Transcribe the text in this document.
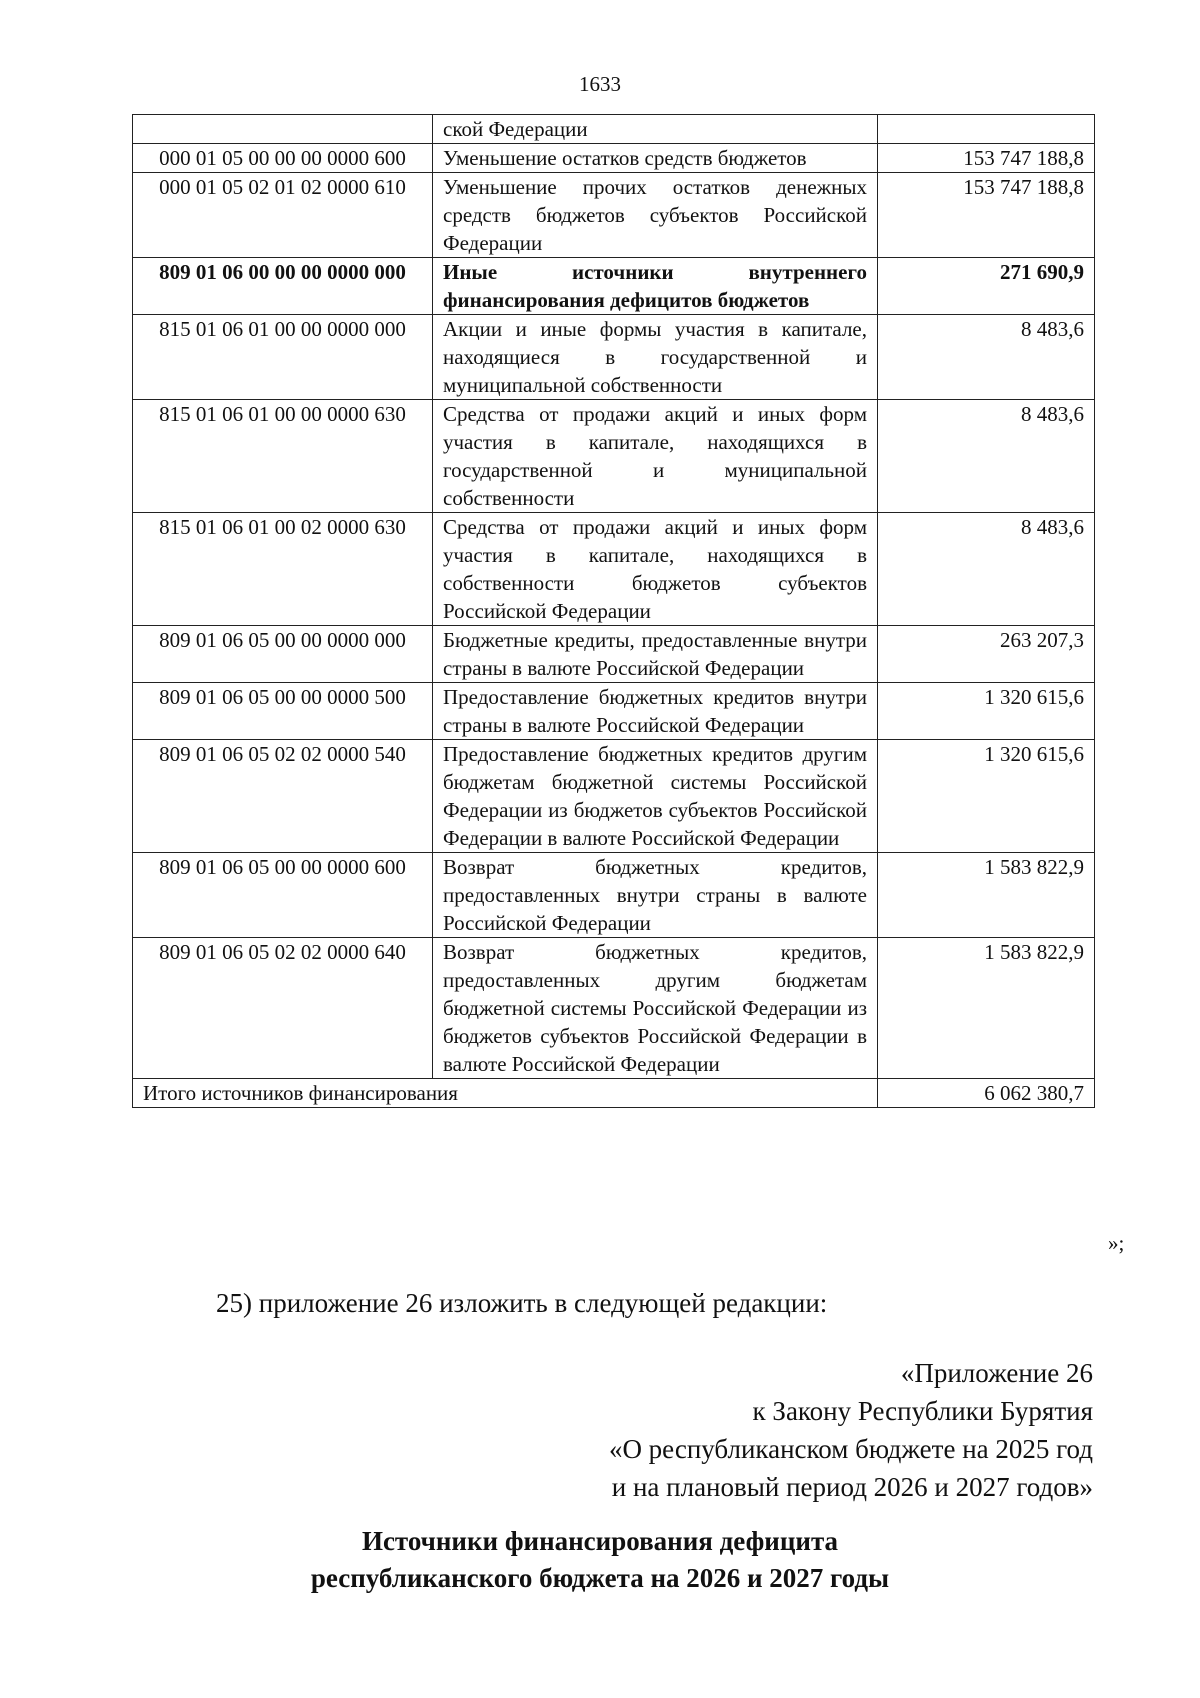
1633
	ской Федерации	
000 01 05 00 00 00 0000 600	Уменьшение остатков средств бюджетов	153 747 188,8
000 01 05 02 01 02 0000 610	Уменьшение прочих остатков денежных средств бюджетов субъектов Российской Федерации	153 747 188,8
809 01 06 00 00 00 0000 000	Иные источники внутреннего финансирования дефицитов бюджетов	271 690,9
815 01 06 01 00 00 0000 000	Акции и иные формы участия в капитале, находящиеся в государственной и муниципальной собственности	8 483,6
815 01 06 01 00 00 0000 630	Средства от продажи акций и иных форм участия в капитале, находящихся в государственной и муниципальной собственности	8 483,6
815 01 06 01 00 02 0000 630	Средства от продажи акций и иных форм участия в капитале, находящихся в собственности бюджетов субъектов Российской Федерации	8 483,6
809 01 06 05 00 00 0000 000	Бюджетные кредиты, предоставленные внутри страны в валюте Российской Федерации	263 207,3
809 01 06 05 00 00 0000 500	Предоставление бюджетных кредитов внутри страны в валюте Российской Федерации	1 320 615,6
809 01 06 05 02 02 0000 540	Предоставление бюджетных кредитов другим бюджетам бюджетной системы Российской Федерации из бюджетов субъектов Российской Федерации в валюте Российской Федерации	1 320 615,6
809 01 06 05 00 00 0000 600	Возврат бюджетных кредитов, предоставленных внутри страны в валюте Российской Федерации	1 583 822,9
809 01 06 05 02 02 0000 640	Возврат бюджетных кредитов, предоставленных другим бюджетам бюджетной системы Российской Федерации из бюджетов субъектов Российской Федерации в валюте Российской Федерации	1 583 822,9
Итого источников финансирования		6 062 380,7
»;
25) приложение 26 изложить в следующей редакции:
«Приложение 26
к Закону Республики Бурятия
«О республиканском бюджете на 2025 год
и на плановый период 2026 и 2027 годов»
Источники финансирования дефицита
республиканского бюджета на 2026 и 2027 годы
